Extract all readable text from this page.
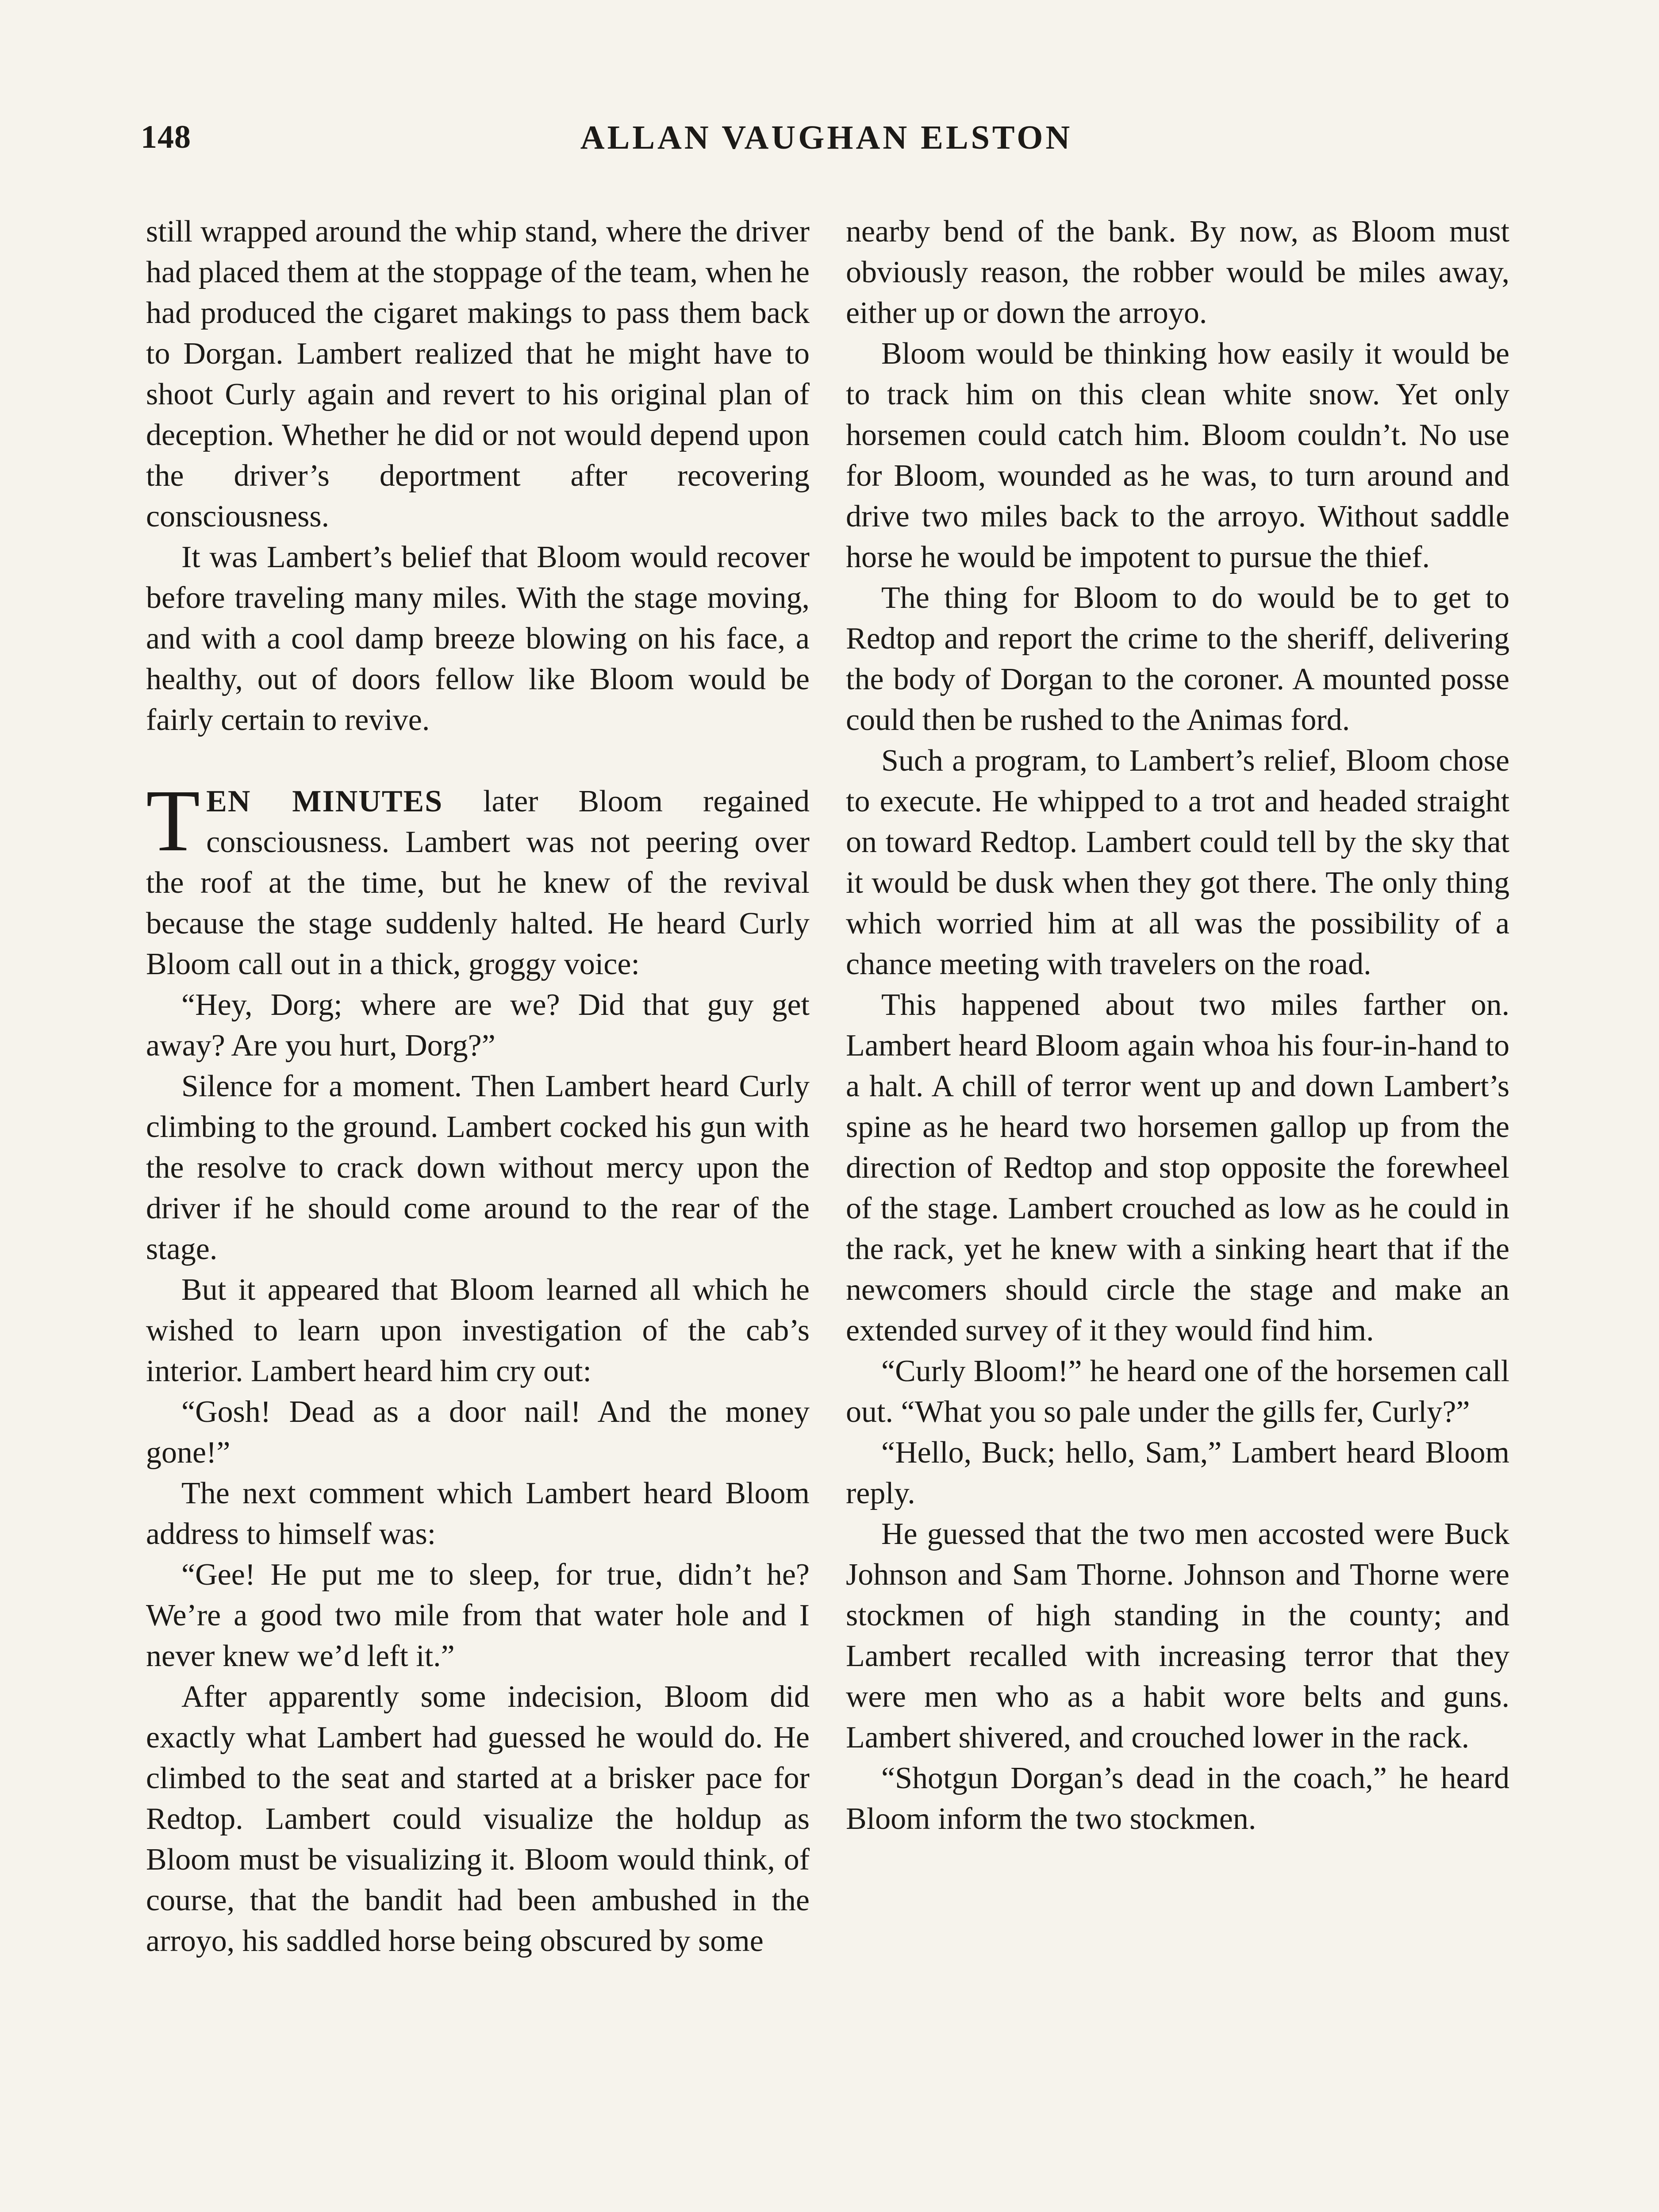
148	ALLAN VAUGHAN ELSTON

still wrapped around the whip stand, where the driver had placed them at the stoppage of the team, when he had produced the cigaret makings to pass them back to Dorgan. Lambert realized that he might have to shoot Curly again and revert to his original plan of deception. Whether he did or not would depend upon the driver’s deportment after recovering consciousness.

It was Lambert’s belief that Bloom would recover before traveling many miles. With the stage moving, and with a cool damp breeze blowing on his face, a healthy, out of doors fellow like Bloom would be fairly certain to revive.

TEN MINUTES later Bloom regained consciousness. Lambert was not peering over the roof at the time, but he knew of the revival because the stage suddenly halted. He heard Curly Bloom call out in a thick, groggy voice:

“Hey, Dorg; where are we? Did that guy get away? Are you hurt, Dorg?”

Silence for a moment. Then Lambert heard Curly climbing to the ground. Lambert cocked his gun with the resolve to crack down without mercy upon the driver if he should come around to the rear of the stage.

But it appeared that Bloom learned all which he wished to learn upon investigation of the cab’s interior. Lambert heard him cry out:

“Gosh! Dead as a door nail! And the money gone!”

The next comment which Lambert heard Bloom address to himself was:

“Gee! He put me to sleep, for true, didn’t he? We’re a good two mile from that water hole and I never knew we’d left it.”

After apparently some indecision, Bloom did exactly what Lambert had guessed he would do. He climbed to the seat and started at a brisker pace for Redtop. Lambert could visualize the holdup as Bloom must be visualizing it. Bloom would think, of course, that the bandit had been ambushed in the arroyo, his saddled horse being obscured by some

nearby bend of the bank. By now, as Bloom must obviously reason, the robber would be miles away, either up or down the arroyo.

Bloom would be thinking how easily it would be to track him on this clean white snow. Yet only horsemen could catch him. Bloom couldn’t. No use for Bloom, wounded as he was, to turn around and drive two miles back to the arroyo. Without saddle horse he would be impotent to pursue the thief.

The thing for Bloom to do would be to get to Redtop and report the crime to the sheriff, delivering the body of Dorgan to the coroner. A mounted posse could then be rushed to the Animas ford.

Such a program, to Lambert’s relief, Bloom chose to execute. He whipped to a trot and headed straight on toward Redtop. Lambert could tell by the sky that it would be dusk when they got there. The only thing which worried him at all was the possibility of a chance meeting with travelers on the road.

This happened about two miles farther on. Lambert heard Bloom again whoa his four-in-hand to a halt. A chill of terror went up and down Lambert’s spine as he heard two horsemen gallop up from the direction of Redtop and stop opposite the forewheel of the stage. Lambert crouched as low as he could in the rack, yet he knew with a sinking heart that if the newcomers should circle the stage and make an extended survey of it they would find him.

“Curly Bloom!” he heard one of the horsemen call out. “What you so pale under the gills fer, Curly?”

“Hello, Buck; hello, Sam,” Lambert heard Bloom reply.

He guessed that the two men accosted were Buck Johnson and Sam Thorne. Johnson and Thorne were stockmen of high standing in the county; and Lambert recalled with increasing terror that they were men who as a habit wore belts and guns. Lambert shivered, and crouched lower in the rack.

“Shotgun Dorgan’s dead in the coach,” he heard Bloom inform the two stockmen.
